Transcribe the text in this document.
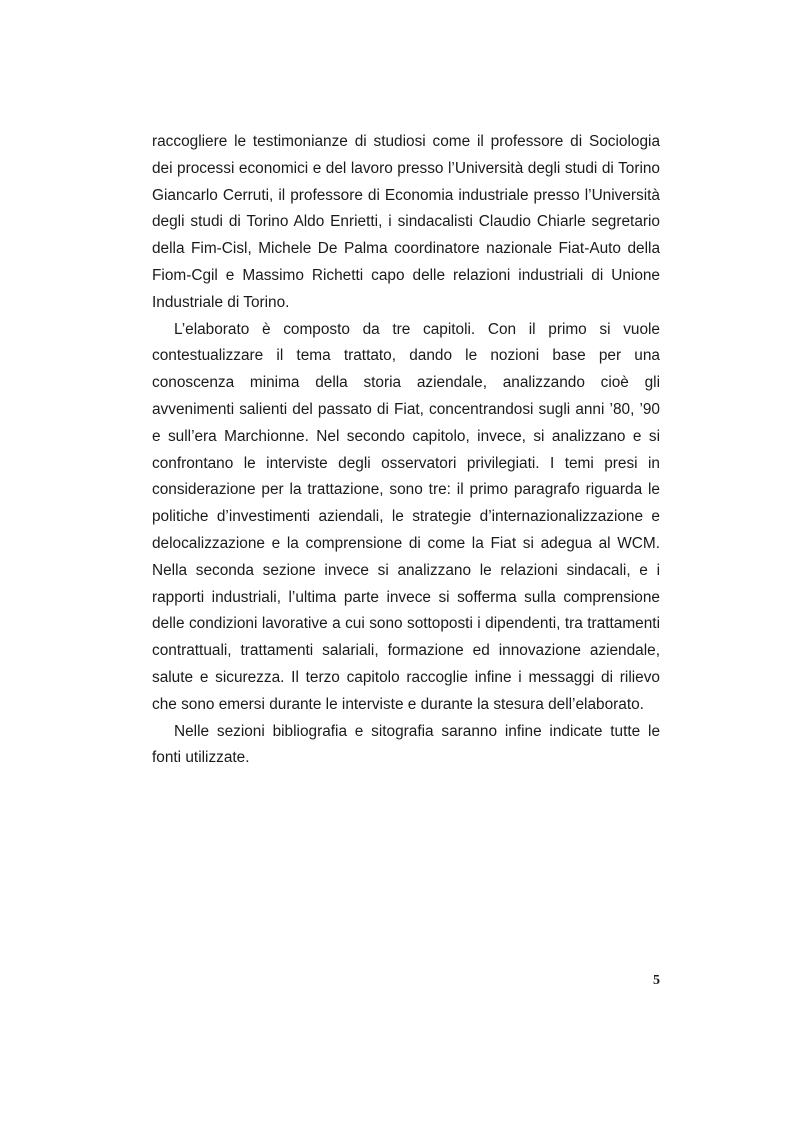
raccogliere le testimonianze di studiosi come il professore di Sociologia dei processi economici e del lavoro presso l’Università degli studi di Torino Giancarlo Cerruti, il professore di Economia industriale presso l’Università degli studi di Torino Aldo Enrietti, i sindacalisti Claudio Chiarle segretario della Fim-Cisl, Michele De Palma coordinatore nazionale Fiat-Auto della Fiom-Cgil e Massimo Richetti capo delle relazioni industriali di Unione Industriale di Torino.

L’elaborato è composto da tre capitoli. Con il primo si vuole contestualizzare il tema trattato, dando le nozioni base per una conoscenza minima della storia aziendale, analizzando cioè gli avvenimenti salienti del passato di Fiat, concentrandosi sugli anni ’80, ’90 e sull’era Marchionne. Nel secondo capitolo, invece, si analizzano e si confrontano le interviste degli osservatori privilegiati. I temi presi in considerazione per la trattazione, sono tre: il primo paragrafo riguarda le politiche d’investimenti aziendali, le strategie d’internazionalizzazione e delocalizzazione e la comprensione di come la Fiat si adegua al WCM. Nella seconda sezione invece si analizzano le relazioni sindacali, e i rapporti industriali, l’ultima parte invece si sofferma sulla comprensione delle condizioni lavorative a cui sono sottoposti i dipendenti, tra trattamenti contrattuali, trattamenti salariali, formazione ed innovazione aziendale, salute e sicurezza. Il terzo capitolo raccoglie infine i messaggi di rilievo che sono emersi durante le interviste e durante la stesura dell’elaborato.

Nelle sezioni bibliografia e sitografia saranno infine indicate tutte le fonti utilizzate.

5
